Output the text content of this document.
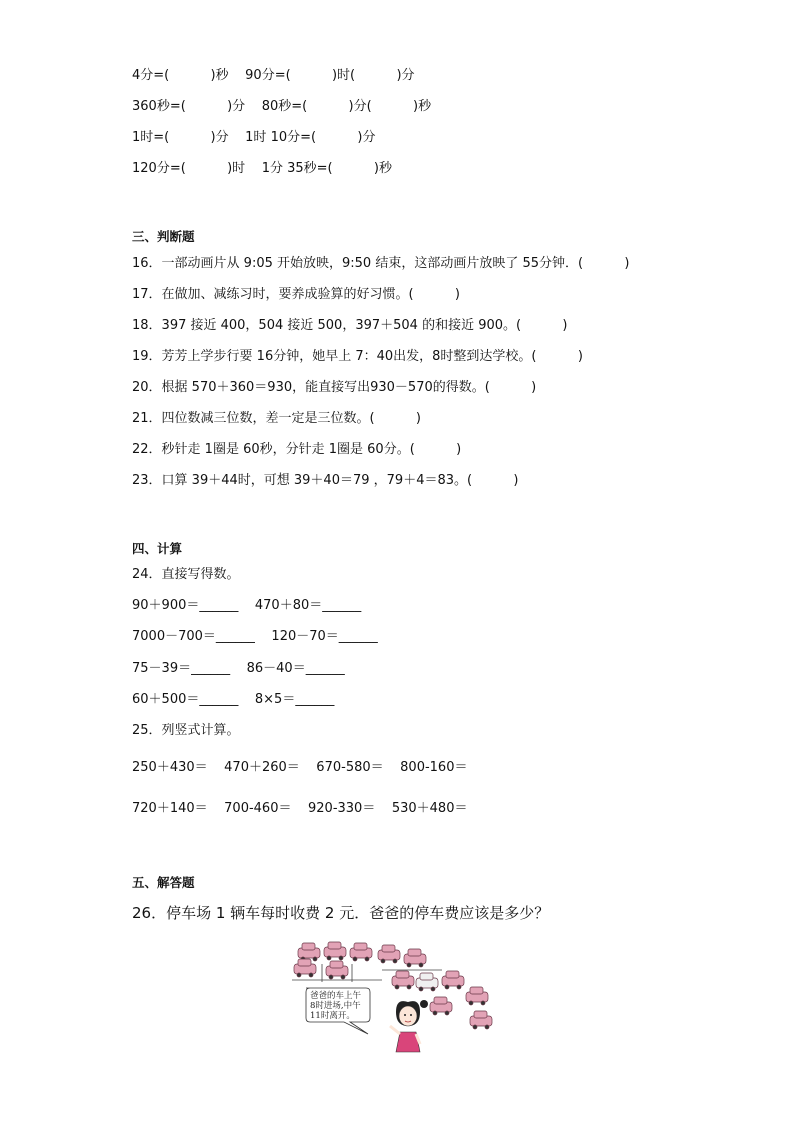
4分=(          )秒    90分=(          )时(          )分
360秒=(          )分    80秒=(          )分(          )秒
1时=(          )分    1时 10分=(          )分
120分=(          )时    1分 35秒=(          )秒
三、判断题
16．一部动画片从 9:05 开始放映，9:50 结束，这部动画片放映了 55分钟．(          )
17．在做加、减练习时，要养成验算的好习惯。(          )
18．397 接近 400，504 接近 500，397＋504 的和接近 900。(          )
19．芳芳上学步行要 16分钟，她早上 7：40出发，8时整到达学校。(          )
20．根据 570＋360＝930，能直接写出930－570的得数。(          )
21．四位数减三位数，差一定是三位数。(          )
22．秒针走 1圈是 60秒，分针走 1圈是 60分。(          )
23．口算 39＋44时，可想 39＋40＝79 ，79＋4＝83。(          )
四、计算
24．直接写得数。
90＋900＝______    470＋80＝______
7000－700＝______    120－70＝______
75－39＝______    86－40＝______
60＋500＝______    8×5＝______
25．列竖式计算。
250＋430＝    470＋260＝    670-580＝    800-160＝
720＋140＝    700-460＝    920-330＝    530＋480＝
五、解答题
26．停车场 1 辆车每时收费 2 元．爸爸的停车费应该是多少？
爸爸的车上午
8时进场,中午
11时离开。
